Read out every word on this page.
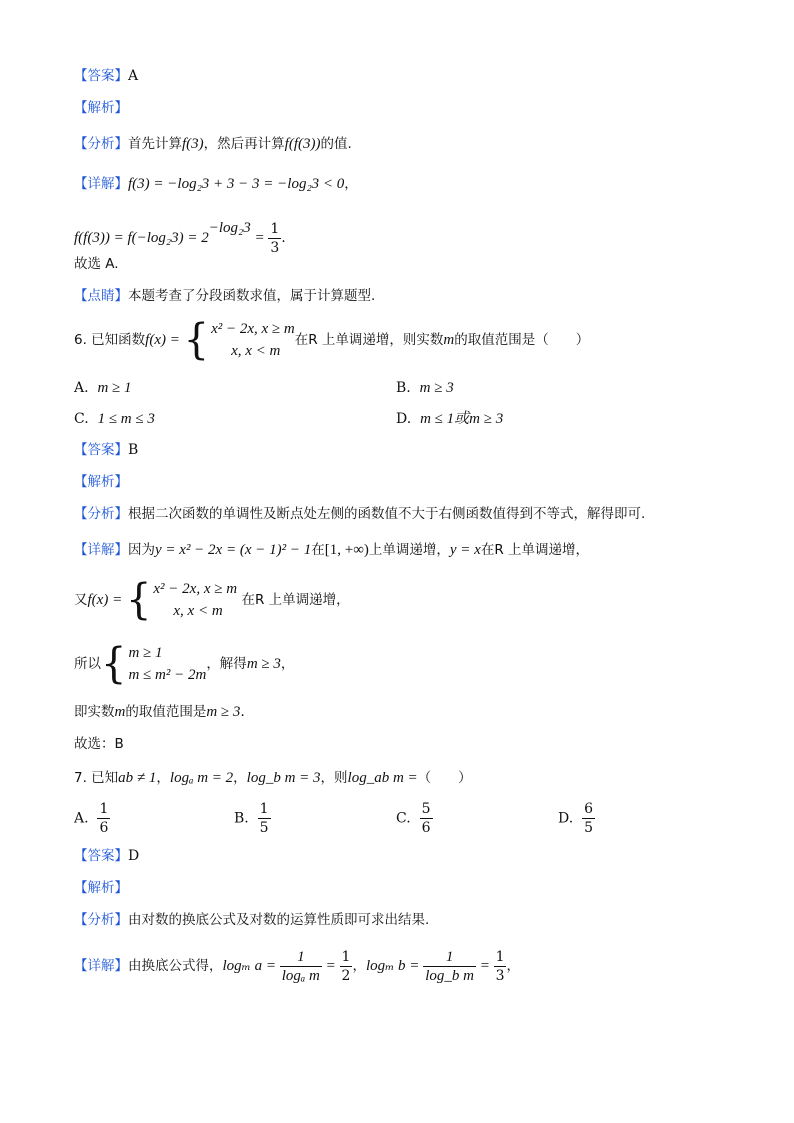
【答案】A
【解析】
【分析】首先计算f(3)，然后再计算f(f(3))的值.
【详解】f(3) = −log₂3 + 3 − 3 = −log₂3 < 0，
$f(f(3)) = f(-\log_23) = 2^{-log_23} = \frac{1}{3}$ .
故选 A.
【点睛】本题考查了分段函数求值，属于计算题型.
6. 已知函数f(x) = { x² − 2x, x ≥ m
x, x < m
在R 上单调递增，则实数m的取值范围是（　　）
A. m ≥ 1	B. m ≥ 3
C. 1 ≤ m ≤ 3	D. m ≤ 1或m ≥ 3
【答案】B
【解析】
【分析】根据二次函数的单调性及断点处左侧的函数值不大于右侧函数值得到不等式，解得即可.
【详解】因为y = x² − 2x = (x − 1)² − 1在[1, +∞)上单调递增，y = x在R 上单调递增，
又f(x) = { x² − 2x, x ≥ m
x, x < m
在R 上单调递增，
所以{ m ≥ 1
m ≤ m² − 2m
，解得m ≥ 3，
即实数m的取值范围是m ≥ 3.
故选：B
7. 已知ab ≠ 1，logₐ m = 2，log_b m = 3，则log_ab m =（　　）
A. $\frac{1}{6}$	B. $\frac{1}{5}$	C. $\frac{5}{6}$	D. $\frac{6}{5}$
【答案】D
【解析】
【分析】由对数的换底公式及对数的运算性质即可求出结果.
【详解】由换底公式得，logₘ $a = \frac{1}{\text{logₐ m}} = \frac{1}{2}$ ，logₘ $b = \frac{1}{\text{log\_b m}} = \frac{1}{3}$ ，
